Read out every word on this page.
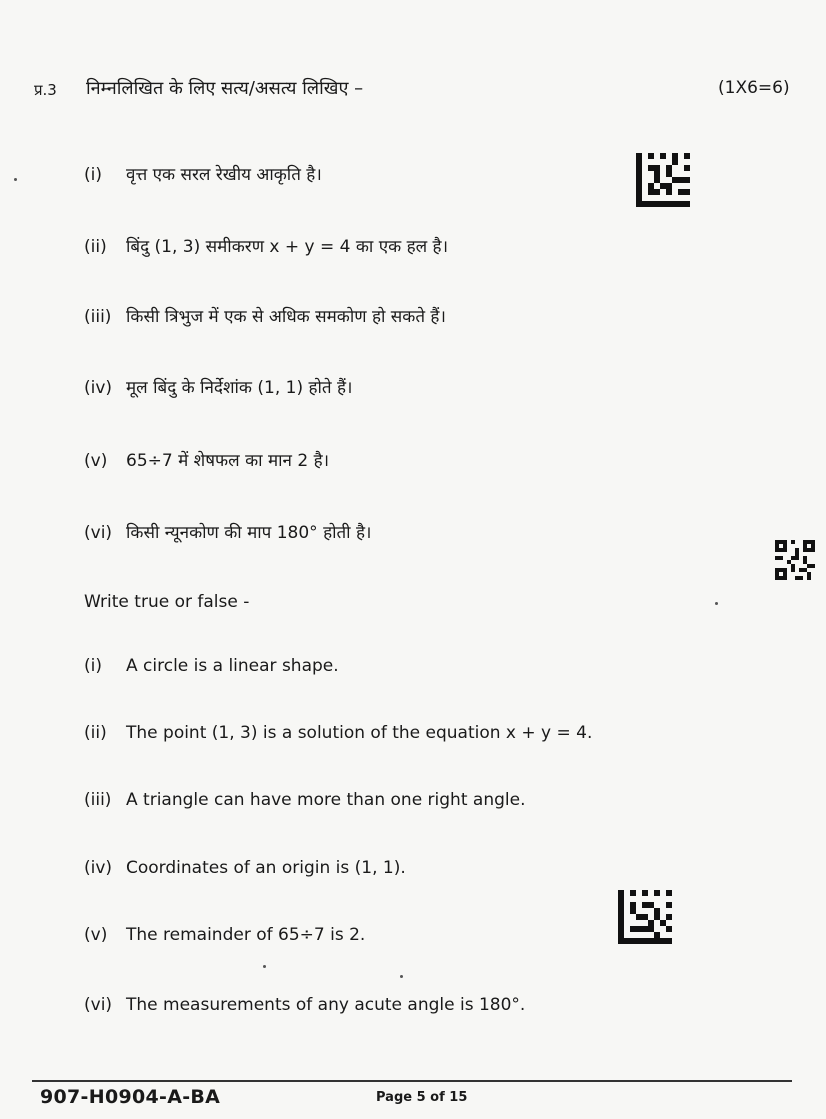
प्र.3 निम्नलिखित के लिए सत्य/असत्य लिखिए –	(1X6=6)
(i) वृत्त एक सरल रेखीय आकृति है।
(ii) बिंदु (1, 3) समीकरण x + y = 4 का एक हल है।
(iii) किसी त्रिभुज में एक से अधिक समकोण हो सकते हैं।
(iv) मूल बिंदु के निर्देशांक (1, 1) होते हैं।
(v) 65÷7 में शेषफल का मान 2 है।
(vi) किसी न्यूनकोण की माप 180° होती है।
Write true or false -
(i) A circle is a linear shape.
(ii) The point (1, 3) is a solution of the equation x + y = 4.
(iii) A triangle can have more than one right angle.
(iv) Coordinates of an origin is (1, 1).
(v) The remainder of 65÷7 is 2.
(vi) The measurements of any acute angle is 180°.
907-H0904-A-BA	Page 5 of 15
